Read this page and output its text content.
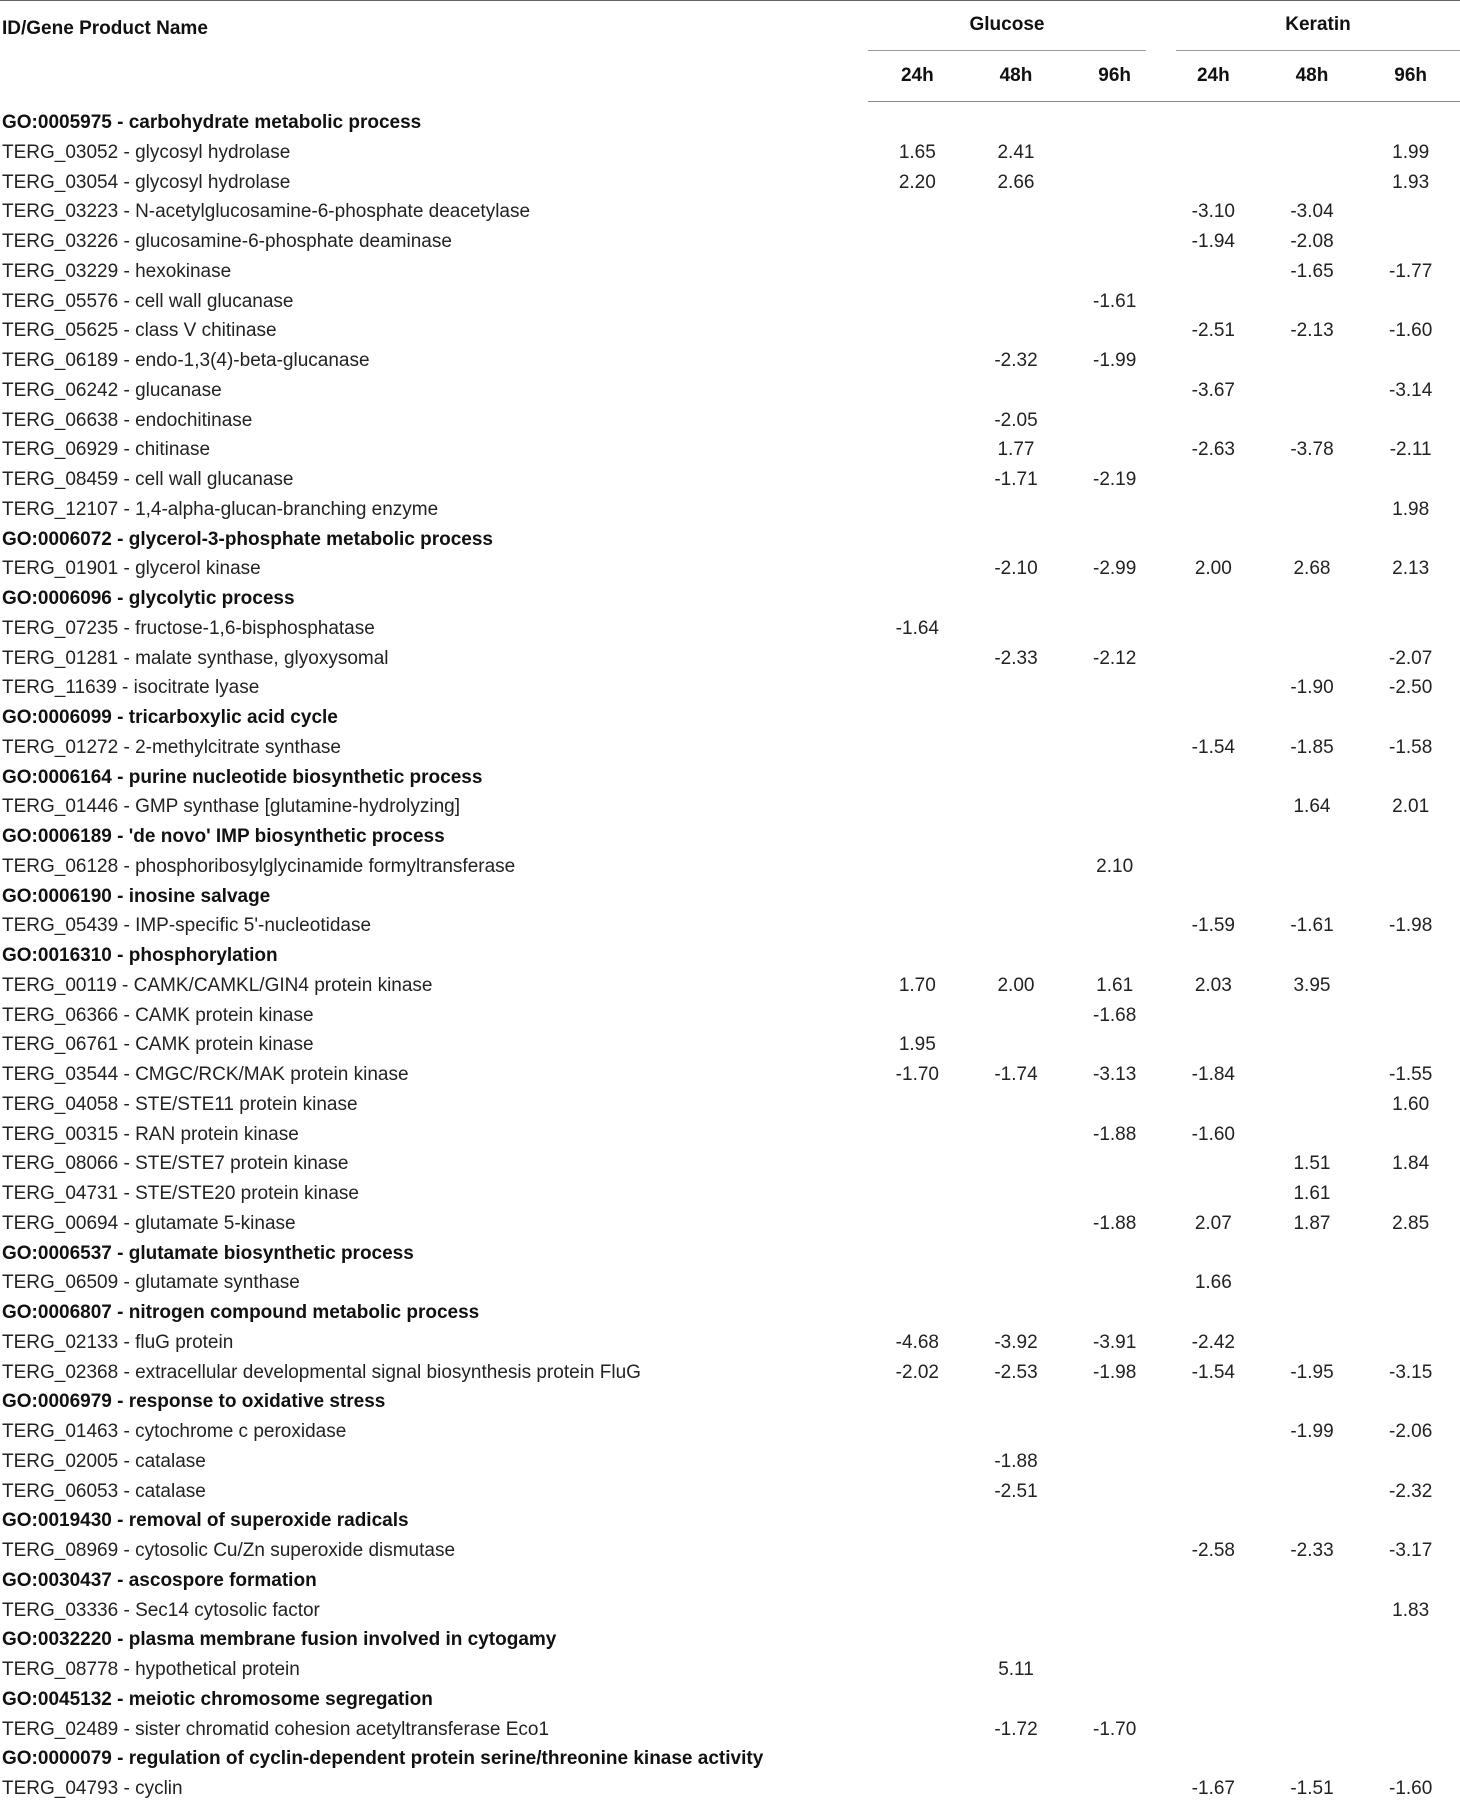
ID/Gene Product Name	Glucose			Keratin		

	24h	48h	96h	24h	48h	96h
GO:0005975 - carbohydrate metabolic process						
TERG_03052 - glycosyl hydrolase	1.65	2.41				1.99
TERG_03054 - glycosyl hydrolase	2.20	2.66				1.93
TERG_03223 - N-acetylglucosamine-6-phosphate deacetylase				-3.10	-3.04	
TERG_03226 - glucosamine-6-phosphate deaminase				-1.94	-2.08	
TERG_03229 - hexokinase					-1.65	-1.77
TERG_05576 - cell wall glucanase			-1.61			
TERG_05625 - class V chitinase				-2.51	-2.13	-1.60
TERG_06189 - endo-1,3(4)-beta-glucanase		-2.32	-1.99			
TERG_06242 - glucanase				-3.67		-3.14
TERG_06638 - endochitinase		-2.05				
TERG_06929 - chitinase		1.77		-2.63	-3.78	-2.11
TERG_08459 - cell wall glucanase		-1.71	-2.19			
TERG_12107 - 1,4-alpha-glucan-branching enzyme						1.98
GO:0006072 - glycerol-3-phosphate metabolic process						
TERG_01901 - glycerol kinase		-2.10	-2.99	2.00	2.68	2.13
GO:0006096 - glycolytic process						
TERG_07235 - fructose-1,6-bisphosphatase	-1.64					
TERG_01281 - malate synthase, glyoxysomal		-2.33	-2.12			-2.07
TERG_11639 - isocitrate lyase					-1.90	-2.50
GO:0006099 - tricarboxylic acid cycle						
TERG_01272 - 2-methylcitrate synthase				-1.54	-1.85	-1.58
GO:0006164 - purine nucleotide biosynthetic process						
TERG_01446 - GMP synthase [glutamine-hydrolyzing]					1.64	2.01
GO:0006189 - 'de novo' IMP biosynthetic process						
TERG_06128 - phosphoribosylglycinamide formyltransferase			2.10			
GO:0006190 - inosine salvage						
TERG_05439 - IMP-specific 5'-nucleotidase				-1.59	-1.61	-1.98
GO:0016310 - phosphorylation						
TERG_00119 - CAMK/CAMKL/GIN4 protein kinase	1.70	2.00	1.61	2.03	3.95	
TERG_06366 - CAMK protein kinase			-1.68			
TERG_06761 - CAMK protein kinase	1.95					
TERG_03544 - CMGC/RCK/MAK protein kinase	-1.70	-1.74	-3.13	-1.84		-1.55
TERG_04058 - STE/STE11 protein kinase						1.60
TERG_00315 - RAN protein kinase			-1.88	-1.60		
TERG_08066 - STE/STE7 protein kinase					1.51	1.84
TERG_04731 - STE/STE20 protein kinase					1.61	
TERG_00694 - glutamate 5-kinase			-1.88	2.07	1.87	2.85
GO:0006537 - glutamate biosynthetic process						
TERG_06509 - glutamate synthase				1.66		
GO:0006807 - nitrogen compound metabolic process						
TERG_02133 - fluG protein	-4.68	-3.92	-3.91	-2.42		
TERG_02368 - extracellular developmental signal biosynthesis protein FluG	-2.02	-2.53	-1.98	-1.54	-1.95	-3.15
GO:0006979 - response to oxidative stress						
TERG_01463 - cytochrome c peroxidase					-1.99	-2.06
TERG_02005 - catalase		-1.88				
TERG_06053 - catalase		-2.51				-2.32
GO:0019430 - removal of superoxide radicals						
TERG_08969 - cytosolic Cu/Zn superoxide dismutase				-2.58	-2.33	-3.17
GO:0030437 - ascospore formation						
TERG_03336 - Sec14 cytosolic factor						1.83
GO:0032220 - plasma membrane fusion involved in cytogamy						
TERG_08778 - hypothetical protein		5.11				
GO:0045132 - meiotic chromosome segregation						
TERG_02489 - sister chromatid cohesion acetyltransferase Eco1		-1.72	-1.70			
GO:0000079 - regulation of cyclin-dependent protein serine/threonine kinase activity						
TERG_04793 - cyclin				-1.67	-1.51	-1.60
